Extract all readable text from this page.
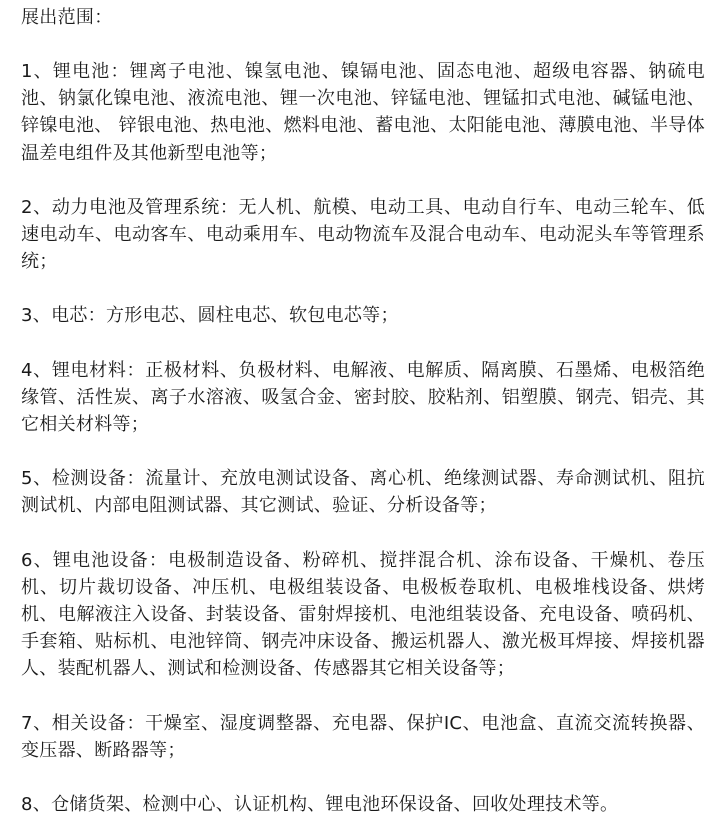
展出范围：

1、锂电池：锂离子电池、镍氢电池、镍镉电池、固态电池、超级电容器、钠硫电池、钠氯化镍电池、液流电池、锂一次电池、锌锰电池、锂锰扣式电池、碱锰电池、锌镍电池、 锌银电池、热电池、燃料电池、蓄电池、太阳能电池、薄膜电池、半导体温差电组件及其他新型电池等；

2、动力电池及管理系统：无人机、航模、电动工具、电动自行车、电动三轮车、低速电动车、电动客车、电动乘用车、电动物流车及混合电动车、电动泥头车等管理系统；

3、电芯：方形电芯、圆柱电芯、软包电芯等；

4、锂电材料：正极材料、负极材料、电解液、电解质、隔离膜、石墨烯、电极箔绝缘管、活性炭、离子水溶液、吸氢合金、密封胶、胶粘剂、铝塑膜、钢壳、铝壳、其它相关材料等；

5、检测设备：流量计、充放电测试设备、离心机、绝缘测试器、寿命测试机、阻抗测试机、内部电阻测试器、其它测试、验证、分析设备等；

6、锂电池设备：电极制造设备、粉碎机、搅拌混合机、涂布设备、干燥机、卷压机、切片裁切设备、冲压机、电极组装设备、电极板卷取机、电极堆栈设备、烘烤机、电解液注入设备、封装设备、雷射焊接机、电池组装设备、充电设备、喷码机、手套箱、贴标机、电池锌筒、钢壳冲床设备、搬运机器人、激光极耳焊接、焊接机器人、装配机器人、测试和检测设备、传感器其它相关设备等；

7、相关设备：干燥室、湿度调整器、充电器、保护IC、电池盒、直流交流转换器、变压器、断路器等；

8、仓储货架、检测中心、认证机构、锂电池环保设备、回收处理技术等。
